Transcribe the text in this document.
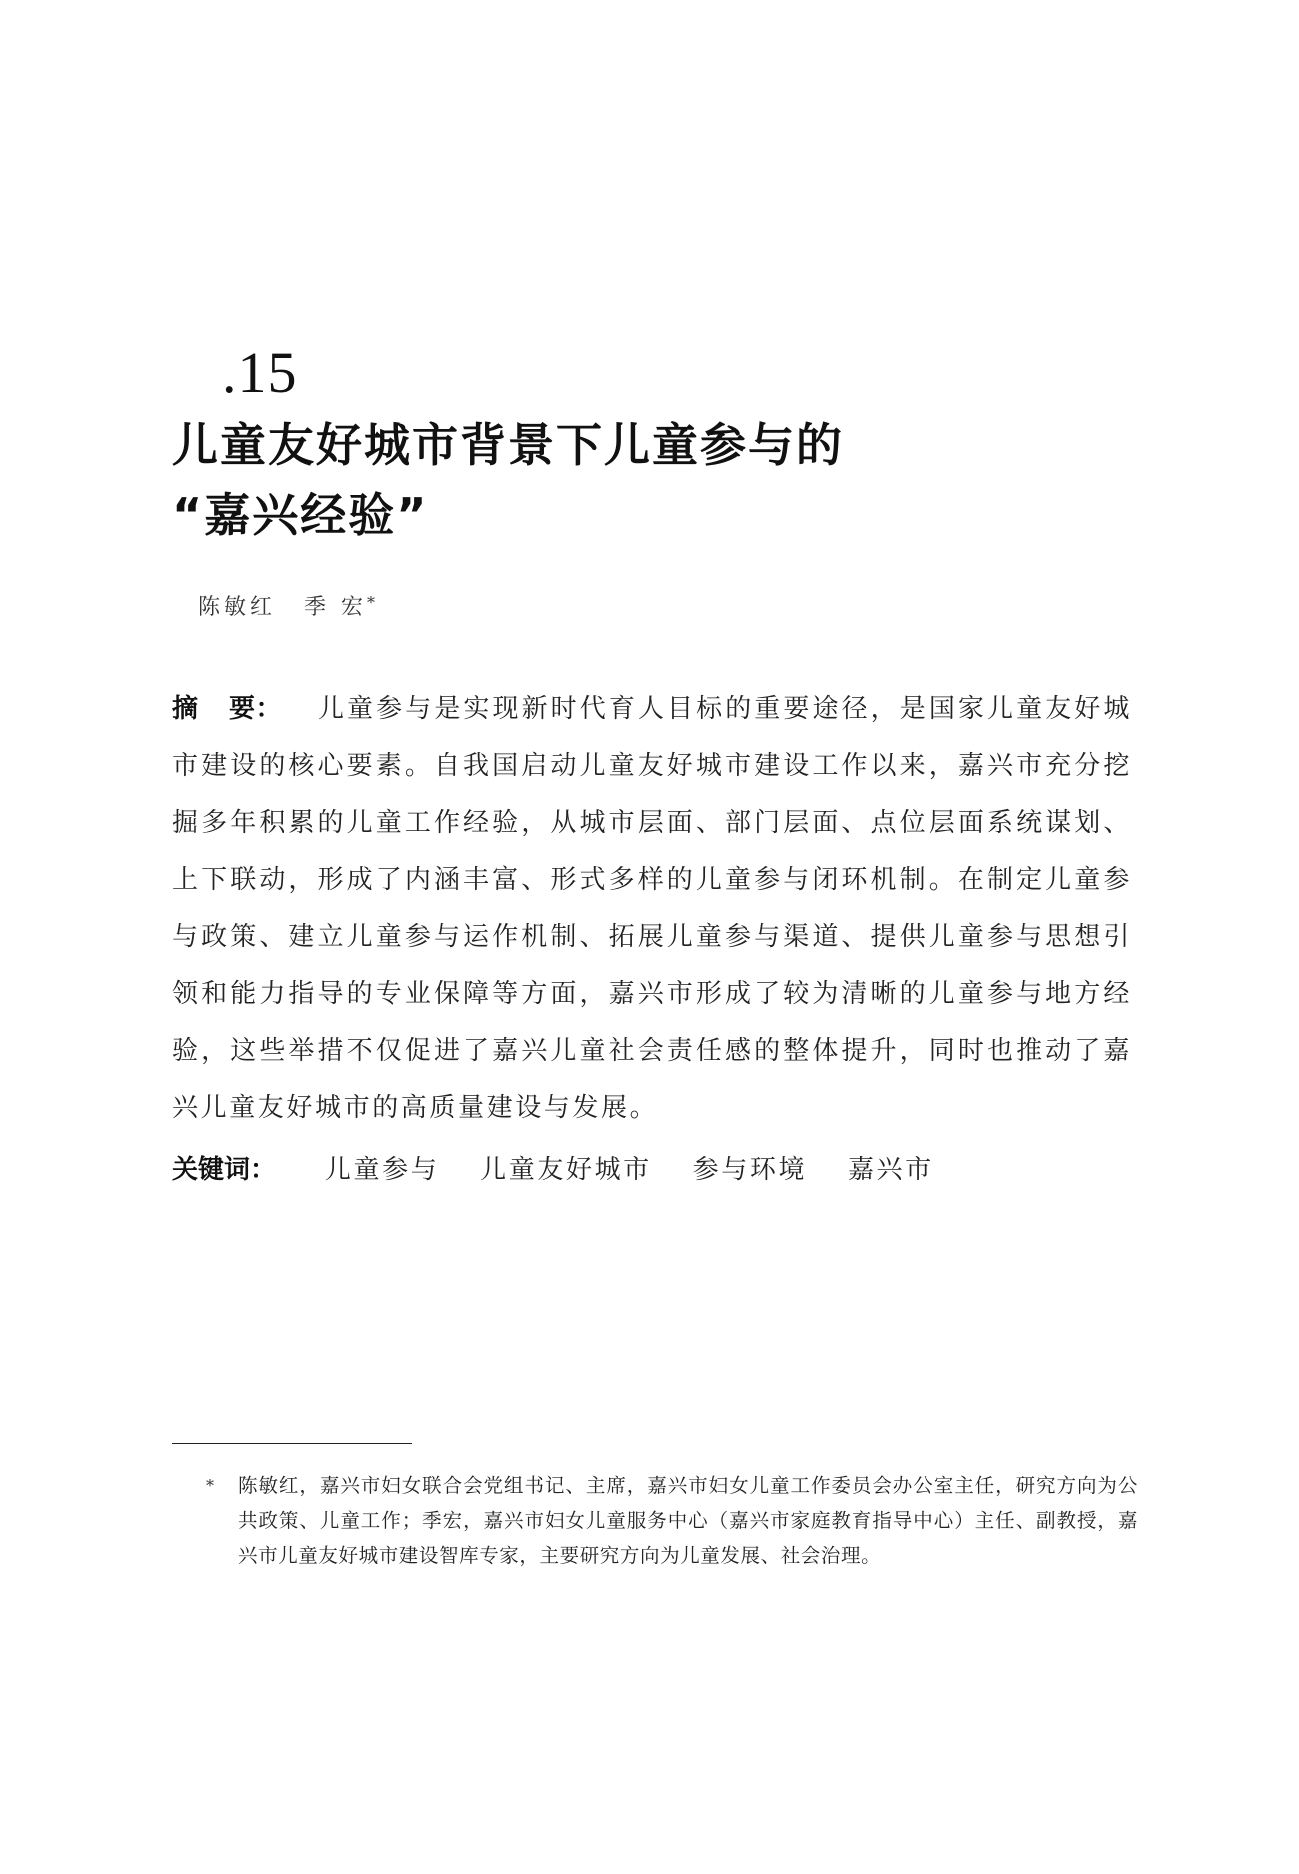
.15
儿童友好城市背景下儿童参与的
“嘉兴经验”
陈敏红 季 宏*
摘 要： 儿童参与是实现新时代育人目标的重要途径，是国家儿童友好城市建设的核心要素。自我国启动儿童友好城市建设工作以来，嘉兴市充分挖掘多年积累的儿童工作经验，从城市层面、部门层面、点位层面系统谋划、上下联动，形成了内涵丰富、形式多样的儿童参与闭环机制。在制定儿童参与政策、建立儿童参与运作机制、拓展儿童参与渠道、提供儿童参与思想引领和能力指导的专业保障等方面，嘉兴市形成了较为清晰的儿童参与地方经验，这些举措不仅促进了嘉兴儿童社会责任感的整体提升，同时也推动了嘉兴儿童友好城市的高质量建设与发展。
关键词： 儿童参与 儿童友好城市 参与环境 嘉兴市
* 陈敏红，嘉兴市妇女联合会党组书记、主席，嘉兴市妇女儿童工作委员会办公室主任，研究方向为公共政策、儿童工作；季宏，嘉兴市妇女儿童服务中心（嘉兴市家庭教育指导中心）主任、副教授，嘉兴市儿童友好城市建设智库专家，主要研究方向为儿童发展、社会治理。
